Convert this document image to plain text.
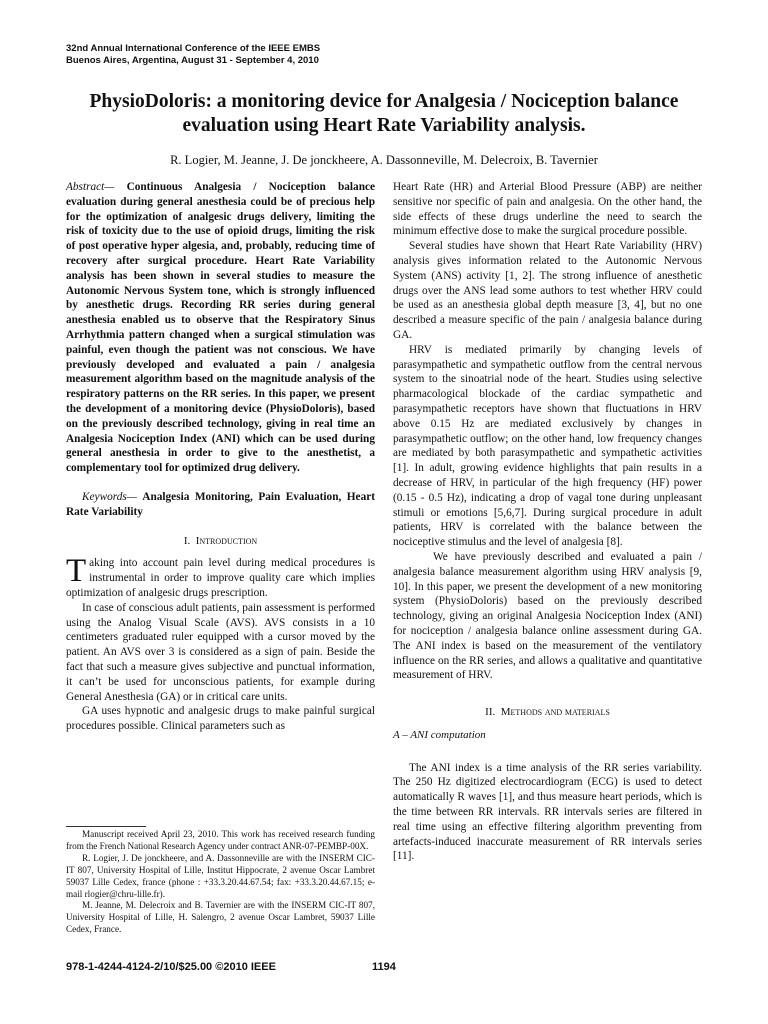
32nd Annual International Conference of the IEEE EMBS
Buenos Aires, Argentina, August 31 - September 4, 2010
PhysioDoloris: a monitoring device for Analgesia / Nociception balance
evaluation using Heart Rate Variability analysis.
R. Logier, M. Jeanne, J. De jonckheere, A. Dassonneville, M. Delecroix, B. Tavernier

Abstract— Continuous Analgesia / Nociception balance evaluation during general anesthesia could be of precious help for the optimization of analgesic drugs delivery, limiting the risk of toxicity due to the use of opioid drugs, limiting the risk of post operative hyper algesia, and, probably, reducing time of recovery after surgical procedure. Heart Rate Variability analysis has been shown in several studies to measure the Autonomic Nervous System tone, which is strongly influenced by anesthetic drugs. Recording RR series during general anesthesia enabled us to observe that the Respiratory Sinus Arrhythmia pattern changed when a surgical stimulation was painful, even though the patient was not conscious. We have previously developed and evaluated a pain / analgesia measurement algorithm based on the magnitude analysis of the respiratory patterns on the RR series. In this paper, we present the development of a monitoring device (PhysioDoloris), based on the previously described technology, giving in real time an Analgesia Nociception Index (ANI) which can be used during general anesthesia in order to give to the anesthetist, a complementary tool for optimized drug delivery.

Keywords— Analgesia Monitoring, Pain Evaluation, Heart Rate Variability

I. Introduction

Taking into account pain level during medical procedures is instrumental in order to improve quality care which implies optimization of analgesic drugs prescription.

In case of conscious adult patients, pain assessment is performed using the Analog Visual Scale (AVS). AVS consists in a 10 centimeters graduated ruler equipped with a cursor moved by the patient. An AVS over 3 is considered as a sign of pain. Beside the fact that such a measure gives subjective and punctual information, it can’t be used for unconscious patients, for example during General Anesthesia (GA) or in critical care units.

GA uses hypnotic and analgesic drugs to make painful surgical procedures possible. Clinical parameters such as

Manuscript received April 23, 2010. This work has received research funding from the French National Research Agency under contract ANR-07-PEMBP-00X.

R. Logier, J. De jonckheere, and A. Dassonneville are with the INSERM CIC-IT 807, University Hospital of Lille, Institut Hippocrate, 2 avenue Oscar Lambret 59037 Lille Cedex, france (phone : +33.3.20.44.67.54; fax: +33.3.20.44.67.15; e-mail rlogier@chru-lille.fr).

M. Jeanne, M. Delecroix and B. Tavernier are with the INSERM CIC-IT 807, University Hospital of Lille, H. Salengro, 2 avenue Oscar Lambret, 59037 Lille Cedex, France.

Heart Rate (HR) and Arterial Blood Pressure (ABP) are neither sensitive nor specific of pain and analgesia. On the other hand, the side effects of these drugs underline the need to search the minimum effective dose to make the surgical procedure possible.

Several studies have shown that Heart Rate Variability (HRV) analysis gives information related to the Autonomic Nervous System (ANS) activity [1, 2]. The strong influence of anesthetic drugs over the ANS lead some authors to test whether HRV could be used as an anesthesia global depth measure [3, 4], but no one described a measure specific of the pain / analgesia balance during GA.

HRV is mediated primarily by changing levels of parasympathetic and sympathetic outflow from the central nervous system to the sinoatrial node of the heart. Studies using selective pharmacological blockade of the cardiac sympathetic and parasympathetic receptors have shown that fluctuations in HRV above 0.15 Hz are mediated exclusively by changes in parasympathetic outflow; on the other hand, low frequency changes are mediated by both parasympathetic and sympathetic activities [1]. In adult, growing evidence highlights that pain results in a decrease of HRV, in particular of the high frequency (HF) power (0.15 - 0.5 Hz), indicating a drop of vagal tone during unpleasant stimuli or emotions [5,6,7]. During surgical procedure in adult patients, HRV is correlated with the balance between the nociceptive stimulus and the level of analgesia [8].

We have previously described and evaluated a pain / analgesia balance measurement algorithm using HRV analysis [9, 10]. In this paper, we present the development of a new monitoring system (PhysioDoloris) based on the previously described technology, giving an original Analgesia Nociception Index (ANI) for nociception / analgesia balance online assessment during GA. The ANI index is based on the measurement of the ventilatory influence on the RR series, and allows a qualitative and quantitative measurement of HRV.

II. Methods and materials
A – ANI computation

The ANI index is a time analysis of the RR series variability. The 250 Hz digitized electrocardiogram (ECG) is used to detect automatically R waves [1], and thus measure heart periods, which is the time between RR intervals. RR intervals series are filtered in real time using an effective filtering algorithm preventing from artefacts-induced inaccurate measurement of RR intervals series [11].

978-1-4244-4124-2/10/$25.00 ©2010 IEEE	1194
